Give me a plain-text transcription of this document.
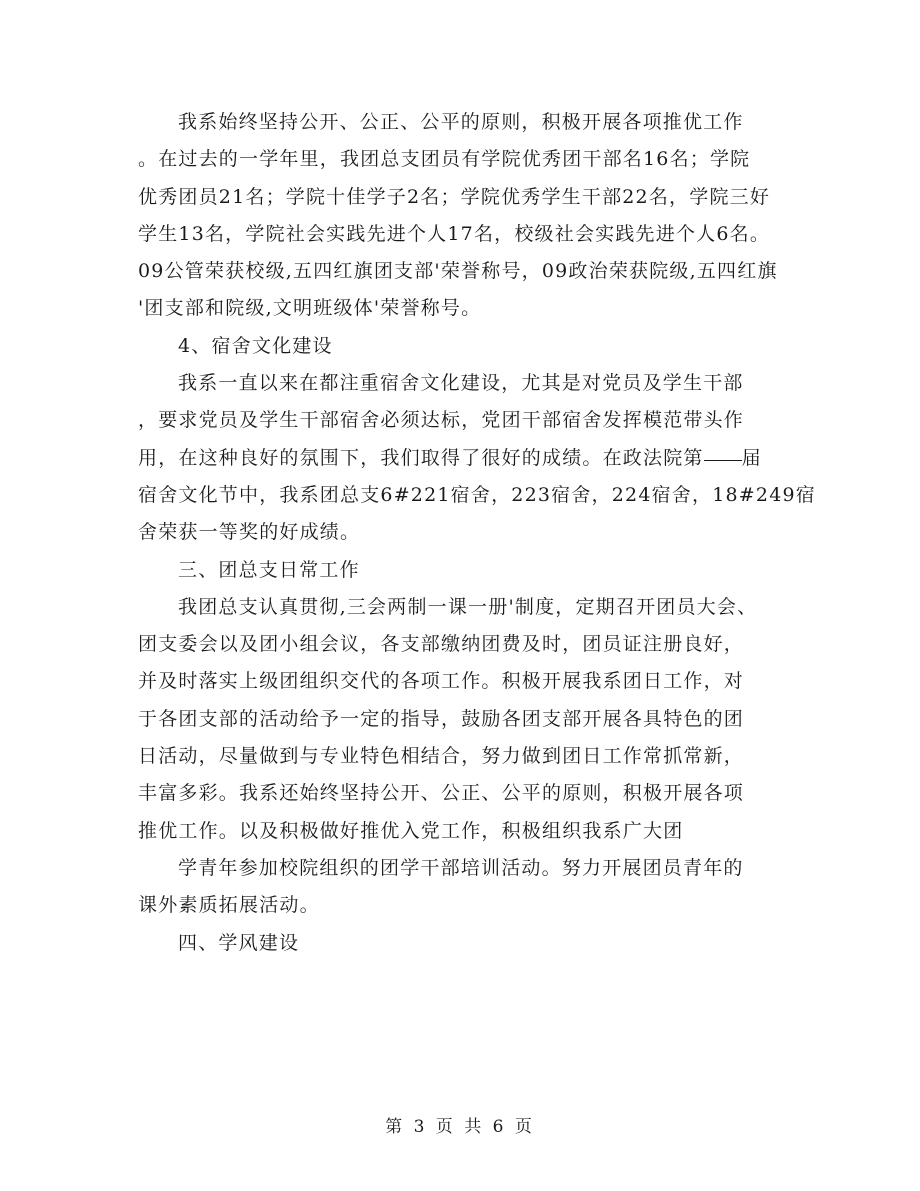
我系始终坚持公开、公正、公平的原则，积极开展各项推优工作
。在过去的一学年里，我团总支团员有学院优秀团干部名16名；学院
优秀团员21名；学院十佳学子2名；学院优秀学生干部22名，学院三好
学生13名，学院社会实践先进个人17名，校级社会实践先进个人6名。
09公管荣获校级,五四红旗团支部'荣誉称号，09政治荣获院级,五四红旗
'团支部和院级,文明班级体'荣誉称号。
4、宿舍文化建设
我系一直以来在都注重宿舍文化建设，尤其是对党员及学生干部
，要求党员及学生干部宿舍必须达标，党团干部宿舍发挥模范带头作
用，在这种良好的氛围下，我们取得了很好的成绩。在政法院第 届
宿舍文化节中，我系团总支6#221宿舍，223宿舍，224宿舍，18#249宿
舍荣获一等奖的好成绩。
三、团总支日常工作
我团总支认真贯彻,三会两制一课一册'制度，定期召开团员大会、
团支委会以及团小组会议，各支部缴纳团费及时，团员证注册良好，
并及时落实上级团组织交代的各项工作。积极开展我系团日工作，对
于各团支部的活动给予一定的指导，鼓励各团支部开展各具特色的团
日活动，尽量做到与专业特色相结合，努力做到团日工作常抓常新，
丰富多彩。我系还始终坚持公开、公正、公平的原则，积极开展各项
推优工作。以及积极做好推优入党工作，积极组织我系广大团
学青年参加校院组织的团学干部培训活动。努力开展团员青年的
课外素质拓展活动。
四、学风建设
第 3 页 共 6 页
